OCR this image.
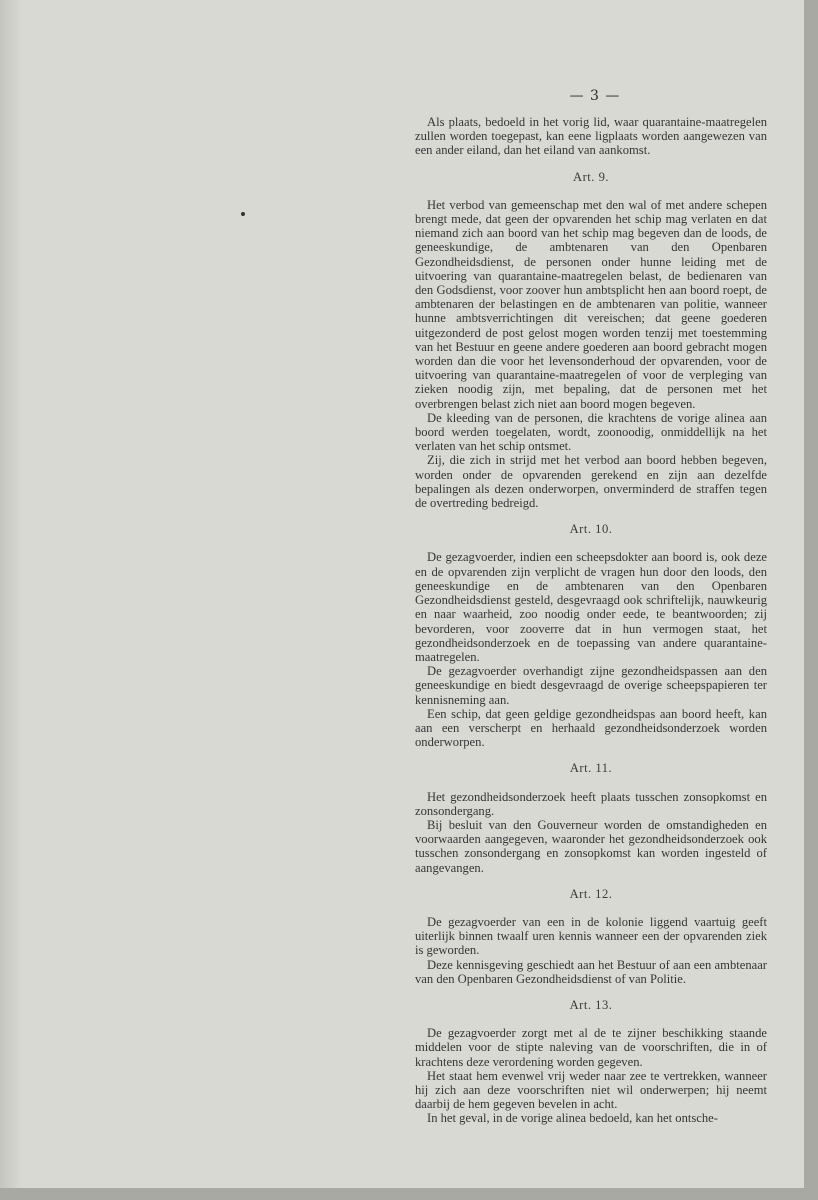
— 3 —

Als plaats, bedoeld in het vorig lid, waar quarantaine-maatregelen zullen worden toegepast, kan eene ligplaats worden aangewezen van een ander eiland, dan het eiland van aankomst.

Art. 9.

Het verbod van gemeenschap met den wal of met andere schepen brengt mede, dat geen der opvarenden het schip mag verlaten en dat niemand zich aan boord van het schip mag begeven dan de loods, de geneeskundige, de ambtenaren van den Openbaren Gezondheidsdienst, de personen onder hunne leiding met de uitvoering van quarantaine-maatregelen belast, de bedienaren van den Godsdienst, voor zoover hun ambtsplicht hen aan boord roept, de ambtenaren der belastingen en de ambtenaren van politie, wanneer hunne ambtsverrichtingen dit vereischen; dat geene goederen uitgezonderd de post gelost mogen worden tenzij met toestemming van het Bestuur en geene andere goederen aan boord gebracht mogen worden dan die voor het levensonderhoud der opvarenden, voor de uitvoering van quarantaine-maatregelen of voor de verpleging van zieken noodig zijn, met bepaling, dat de personen met het overbrengen belast zich niet aan boord mogen begeven.

De kleeding van de personen, die krachtens de vorige alinea aan boord werden toegelaten, wordt, zoonoodig, onmiddellijk na het verlaten van het schip ontsmet.

Zij, die zich in strijd met het verbod aan boord hebben begeven, worden onder de opvarenden gerekend en zijn aan dezelfde bepalingen als dezen onderworpen, onverminderd de straffen tegen de overtreding bedreigd.

Art. 10.

De gezagvoerder, indien een scheepsdokter aan boord is, ook deze en de opvarenden zijn verplicht de vragen hun door den loods, den geneeskundige en de ambtenaren van den Openbaren Gezondheidsdienst gesteld, desgevraagd ook schriftelijk, nauwkeurig en naar waarheid, zoo noodig onder eede, te beantwoorden; zij bevorderen, voor zooverre dat in hun vermogen staat, het gezondheidsonderzoek en de toepassing van andere quarantaine-maatregelen.

De gezagvoerder overhandigt zijne gezondheidspassen aan den geneeskundige en biedt desgevraagd de overige scheepspapieren ter kennisneming aan.

Een schip, dat geen geldige gezondheidspas aan boord heeft, kan aan een verscherpt en herhaald gezondheidsonderzoek worden onderworpen.

Art. 11.

Het gezondheidsonderzoek heeft plaats tusschen zonsopkomst en zonsondergang.

Bij besluit van den Gouverneur worden de omstandigheden en voorwaarden aangegeven, waaronder het gezondheidsonderzoek ook tusschen zonsondergang en zonsopkomst kan worden ingesteld of aangevangen.

Art. 12.

De gezagvoerder van een in de kolonie liggend vaartuig geeft uiterlijk binnen twaalf uren kennis wanneer een der opvarenden ziek is geworden.

Deze kennisgeving geschiedt aan het Bestuur of aan een ambtenaar van den Openbaren Gezondheidsdienst of van Politie.

Art. 13.

De gezagvoerder zorgt met al de te zijner beschikking staande middelen voor de stipte naleving van de voorschriften, die in of krachtens deze verordening worden gegeven.

Het staat hem evenwel vrij weder naar zee te vertrekken, wanneer hij zich aan deze voorschriften niet wil onderwerpen; hij neemt daarbij de hem gegeven bevelen in acht.

In het geval, in de vorige alinea bedoeld, kan het ontsche-
